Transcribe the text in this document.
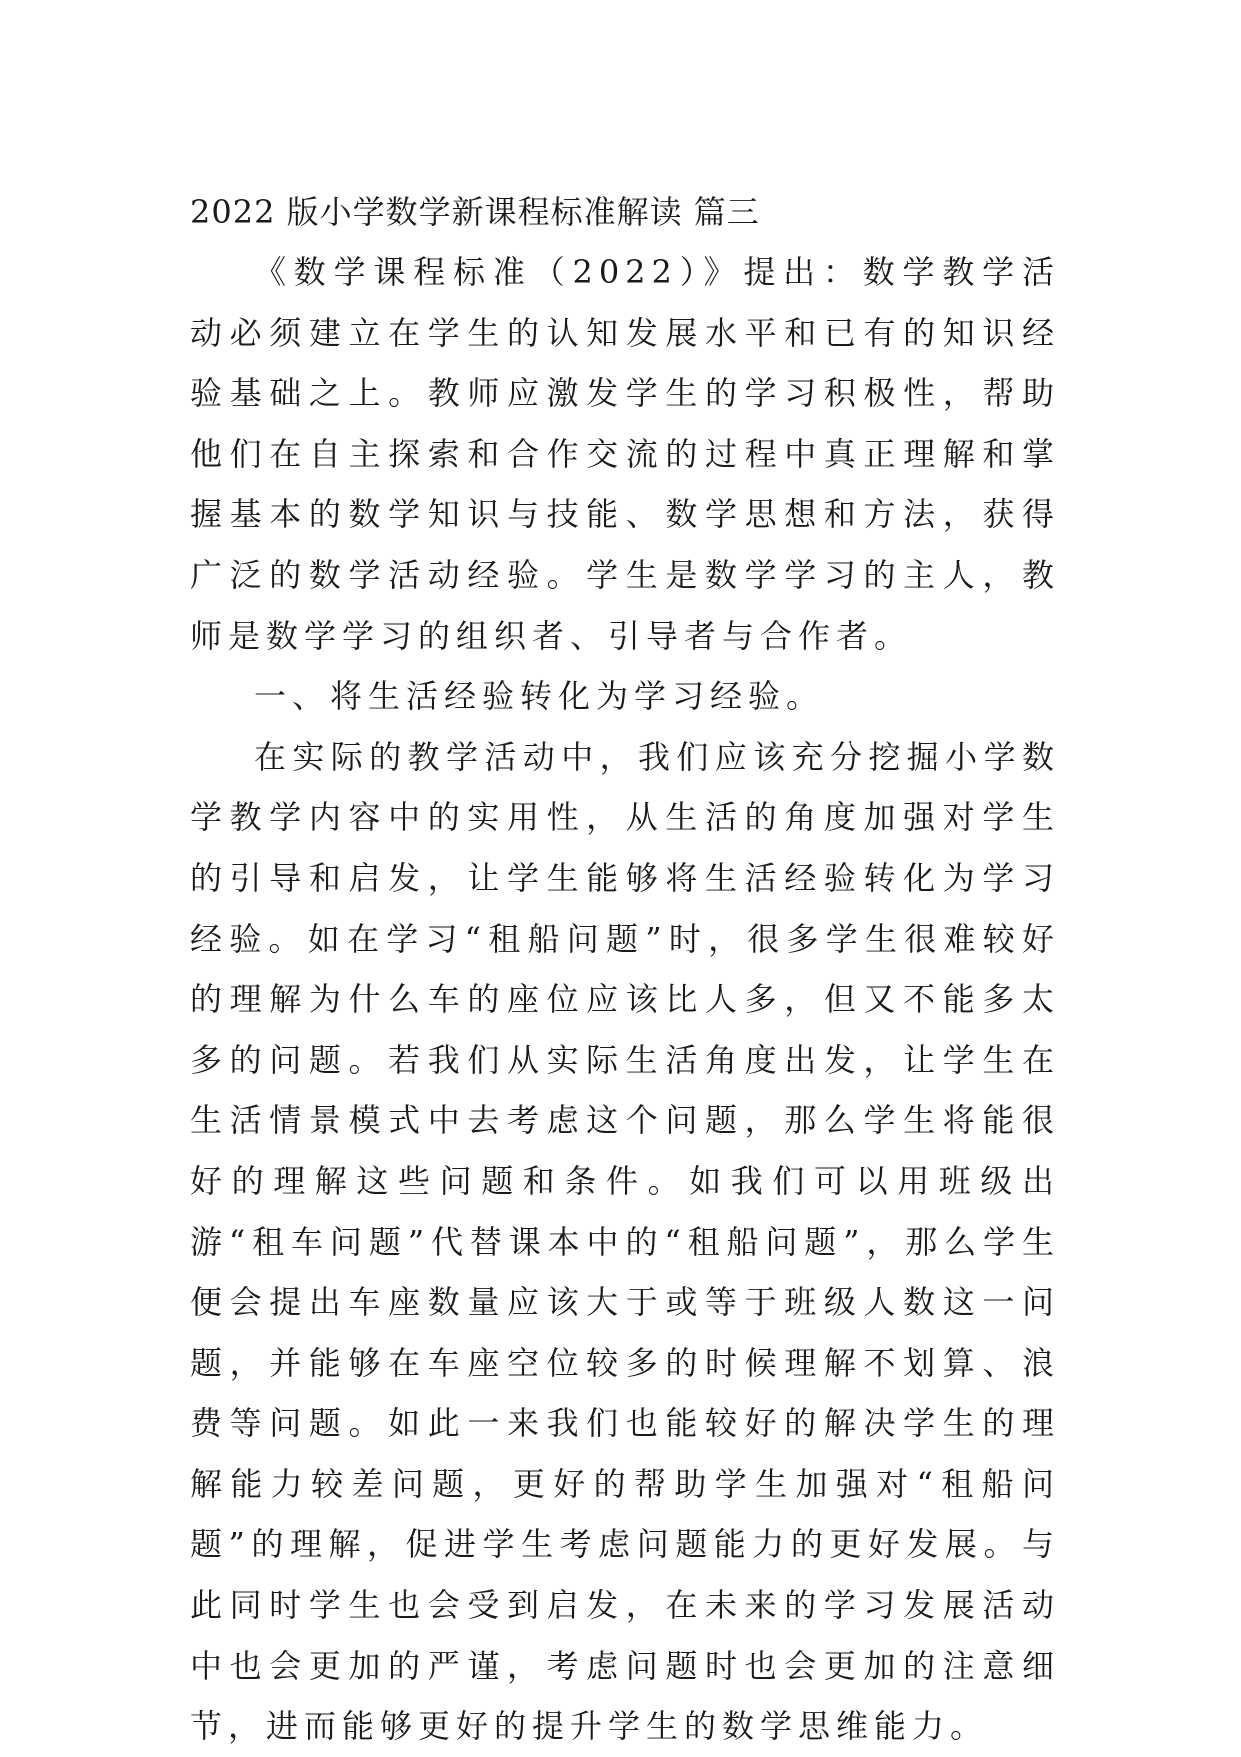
2022 版小学数学新课程标准解读 篇三

《数学课程标准（2022）》提出：数学教学活动必须建立在学生的认知发展水平和已有的知识经验基础之上。教师应激发学生的学习积极性，帮助他们在自主探索和合作交流的过程中真正理解和掌握基本的数学知识与技能、数学思想和方法，获得广泛的数学活动经验。学生是数学学习的主人，教师是数学学习的组织者、引导者与合作者。

一、将生活经验转化为学习经验。

在实际的教学活动中，我们应该充分挖掘小学数学教学内容中的实用性，从生活的角度加强对学生的引导和启发，让学生能够将生活经验转化为学习经验。如在学习“租船问题”时，很多学生很难较好的理解为什么车的座位应该比人多，但又不能多太多的问题。若我们从实际生活角度出发，让学生在生活情景模式中去考虑这个问题，那么学生将能很好的理解这些问题和条件。如我们可以用班级出游“租车问题”代替课本中的“租船问题”，那么学生便会提出车座数量应该大于或等于班级人数这一问题，并能够在车座空位较多的时候理解不划算、浪费等问题。如此一来我们也能较好的解决学生的理解能力较差问题，更好的帮助学生加强对“租船问题”的理解，促进学生考虑问题能力的更好发展。与此同时学生也会受到启发，在未来的学习发展活动中也会更加的严谨，考虑问题时也会更加的注意细节，进而能够更好的提升学生的数学思维能力。
